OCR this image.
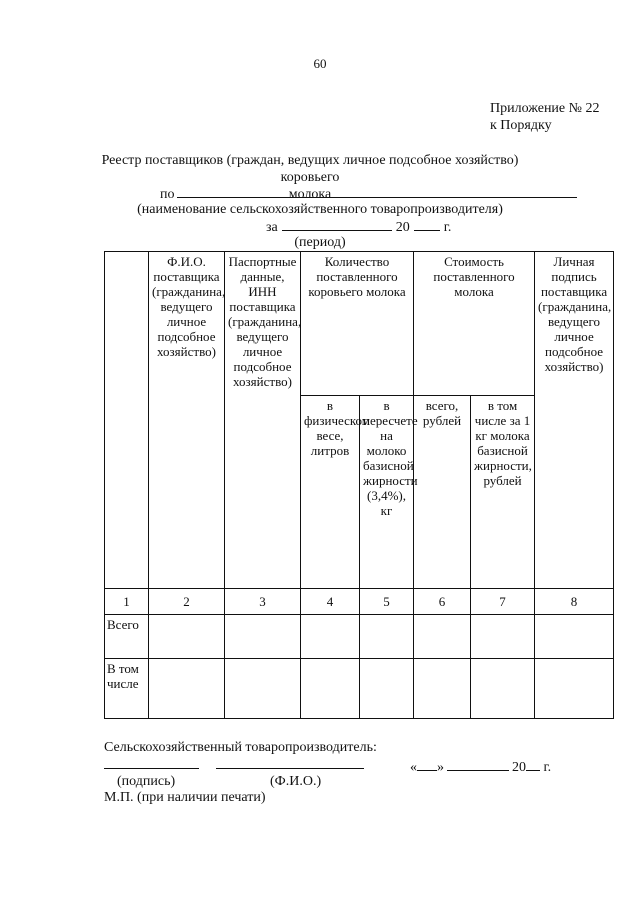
60
Приложение № 22
к Порядку
Реестр поставщиков (граждан, ведущих личное подсобное хозяйство) коровьего
молока
по
(наименование сельскохозяйственного товаропроизводителя)
за	20 г.
(период)
	Ф.И.О. поставщика (гражданина, ведущего личное подсобное хозяйство)	Паспортные данные, ИНН поставщика (гражданина, ведущего личное подсобное хозяйство)	Количество поставленного коровьего молока		Стоимость поставленного молока		Личная подпись поставщика (гражданина, ведущего личное подсобное хозяйство)
			в физическом весе, литров	в пересчете на молоко базисной жирности (3,4%), кг	всего, рублей	в том числе за 1 кг молока базисной жирности, рублей	
1	2	3	4	5	6	7	8
Всего							
В том числе							
Сельскохозяйственный товаропроизводитель:
« »	20 г.
(подпись)	(Ф.И.О.)
М.П. (при наличии печати)
